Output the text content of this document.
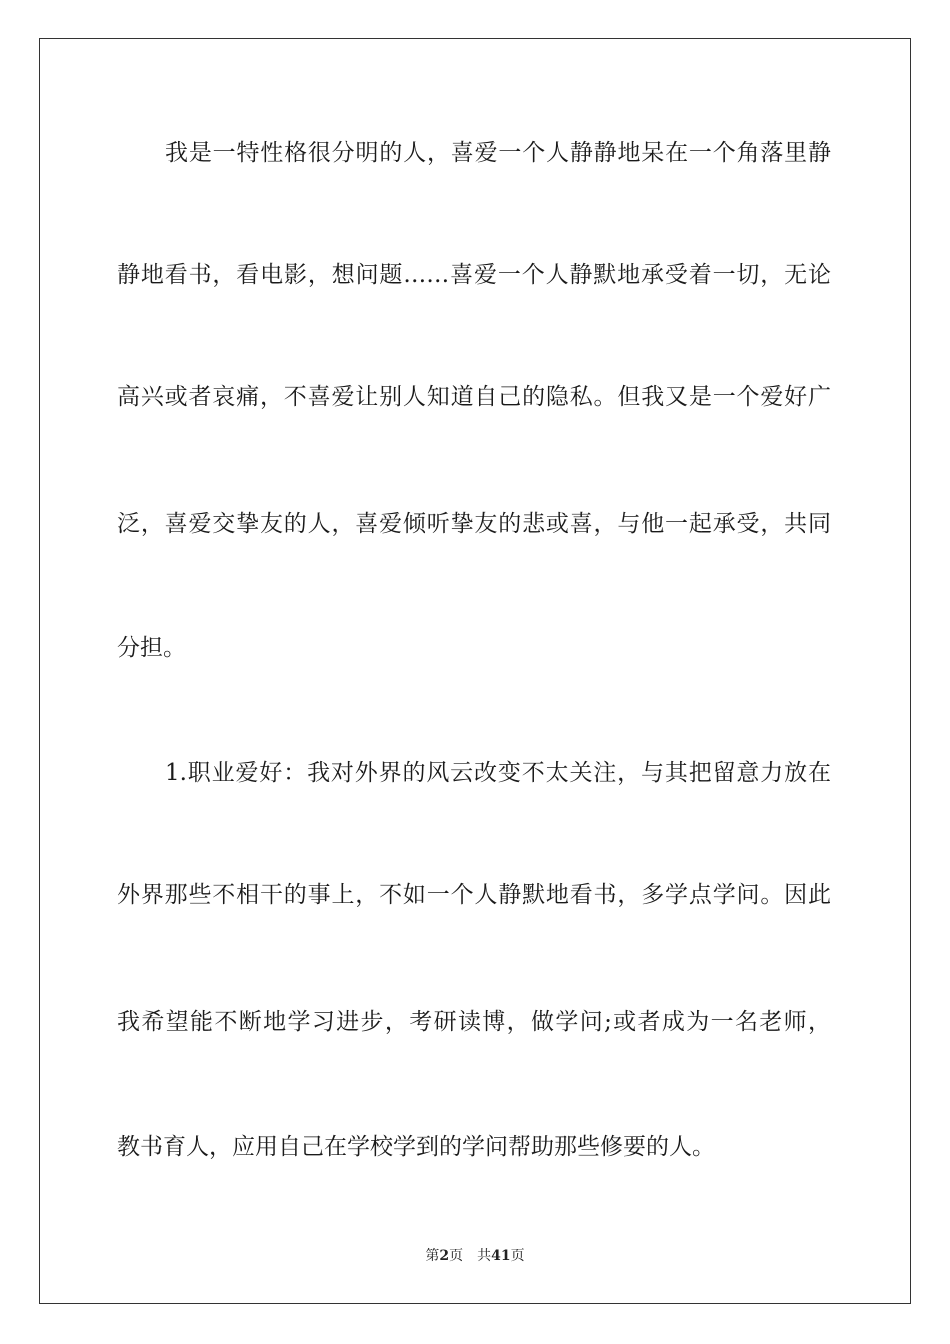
我是一特性格很分明的人，喜爱一个人静静地呆在一个角落里静
静地看书，看电影，想问题……喜爱一个人静默地承受着一切，无论
高兴或者哀痛，不喜爱让别人知道自己的隐私。但我又是一个爱好广
泛，喜爱交挚友的人，喜爱倾听挚友的悲或喜，与他一起承受，共同
分担。
1.职业爱好：我对外界的风云改变不太关注，与其把留意力放在
外界那些不相干的事上，不如一个人静默地看书，多学点学问。因此
我希望能不断地学习进步，考研读博，做学问;或者成为一名老师，
教书育人，应用自己在学校学到的学问帮助那些修要的人。
第2页 共41页
